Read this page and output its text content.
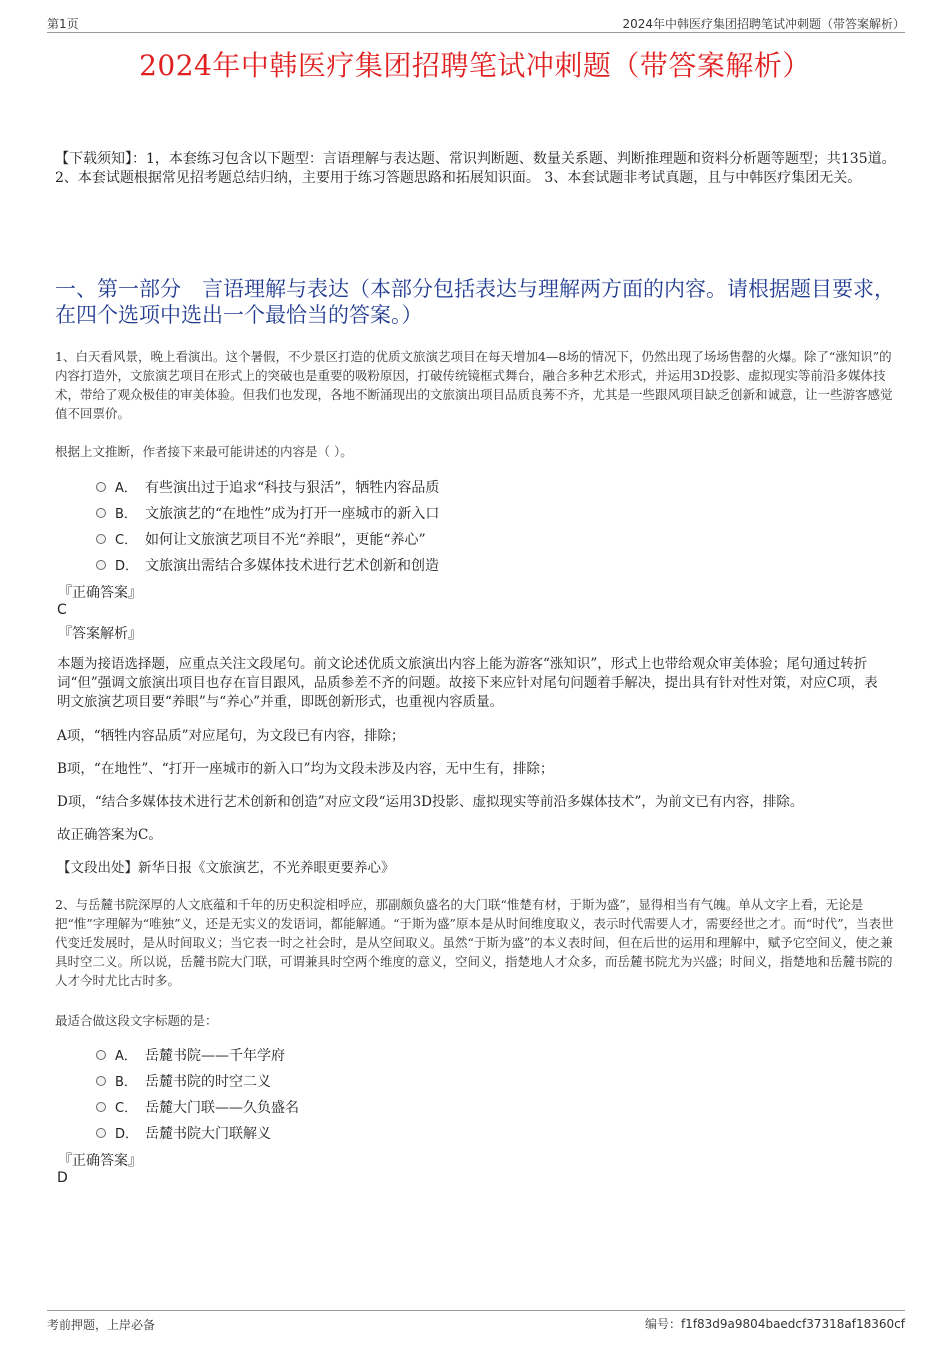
第1页	2024年中韩医疗集团招聘笔试冲刺题（带答案解析）
2024年中韩医疗集团招聘笔试冲刺题（带答案解析）
【下载须知】：1，本套练习包含以下题型：言语理解与表达题、常识判断题、数量关系题、判断推理题和资料分析题等题型；共135道。 2、本套试题根据常见招考题总结归纳，主要用于练习答题思路和拓展知识面。 3、本套试题非考试真题，且与中韩医疗集团无关。
一、第一部分　言语理解与表达（本部分包括表达与理解两方面的内容。请根据题目要求，在四个选项中选出一个最恰当的答案。）
1、白天看风景，晚上看演出。这个暑假，不少景区打造的优质文旅演艺项目在每天增加4—8场的情况下，仍然出现了场场售罄的火爆。除了“涨知识”的内容打造外，文旅演艺项目在形式上的突破也是重要的吸粉原因，打破传统镜框式舞台，融合多种艺术形式，并运用3D投影、虚拟现实等前沿多媒体技术，带给了观众极佳的审美体验。但我们也发现，各地不断涌现出的文旅演出项目品质良莠不齐，尤其是一些跟风项目缺乏创新和诚意，让一些游客感觉值不回票价。
根据上文推断，作者接下来最可能讲述的内容是（ ）。
A． 有些演出过于追求“科技与狠活”，牺牲内容品质
B． 文旅演艺的“在地性”成为打开一座城市的新入口
C． 如何让文旅演艺项目不光“养眼”，更能“养心”
D． 文旅演出需结合多媒体技术进行艺术创新和创造
『正确答案』
C
『答案解析』
本题为接语选择题，应重点关注文段尾句。前文论述优质文旅演出内容上能为游客“涨知识”，形式上也带给观众审美体验；尾句通过转折词“但”强调文旅演出项目也存在盲目跟风，品质参差不齐的问题。故接下来应针对尾句问题着手解决，提出具有针对性对策，对应C项，表明文旅演艺项目要“养眼”与“养心”并重，即既创新形式，也重视内容质量。
A项，“牺牲内容品质”对应尾句，为文段已有内容，排除；
B项，“在地性”、“打开一座城市的新入口”均为文段未涉及内容，无中生有，排除；
D项，“结合多媒体技术进行艺术创新和创造”对应文段“运用3D投影、虚拟现实等前沿多媒体技术”，为前文已有内容，排除。
故正确答案为C。
【文段出处】新华日报《文旅演艺，不光养眼更要养心》
2、与岳麓书院深厚的人文底蕴和千年的历史积淀相呼应，那副颇负盛名的大门联“惟楚有材，于斯为盛”，显得相当有气魄。单从文字上看，无论是把“惟”字理解为“唯独”义，还是无实义的发语词，都能解通。“于斯为盛”原本是从时间维度取义，表示时代需要人才，需要经世之才。而“时代”，当表世代变迁发展时，是从时间取义；当它表一时之社会时，是从空间取义。虽然“于斯为盛”的本义表时间，但在后世的运用和理解中，赋予它空间义，使之兼具时空二义。所以说，岳麓书院大门联，可谓兼具时空两个维度的意义，空间义，指楚地人才众多，而岳麓书院尤为兴盛；时间义，指楚地和岳麓书院的人才今时尤比古时多。
最适合做这段文字标题的是：
A． 岳麓书院——千年学府
B． 岳麓书院的时空二义
C． 岳麓大门联——久负盛名
D． 岳麓书院大门联解义
『正确答案』
D
考前押题，上岸必备	编号：f1f83d9a9804baedcf37318af18360cf
